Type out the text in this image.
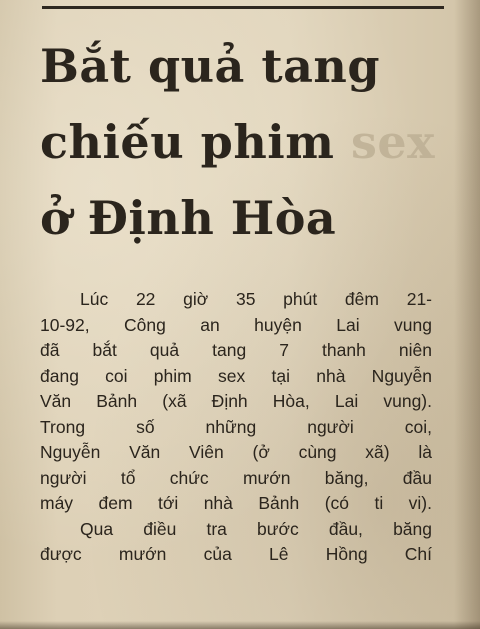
Bắt quả tang
chiếu phim sex
ở Định Hòa
Lúc 22 giờ 35 phút đêm 21-
10-92, Công an huyện Lai vung
đã bắt quả tang 7 thanh niên
đang coi phim sex tại nhà Nguyễn
Văn Bảnh (xã Định Hòa, Lai vung).
Trong số những người coi,
Nguyễn Văn Viên (ở cùng xã) là
người tổ chức mướn băng, đầu
máy đem tới nhà Bảnh (có ti vi).
Qua điều tra bước đầu, băng
được mướn của Lê Hồng Chí
